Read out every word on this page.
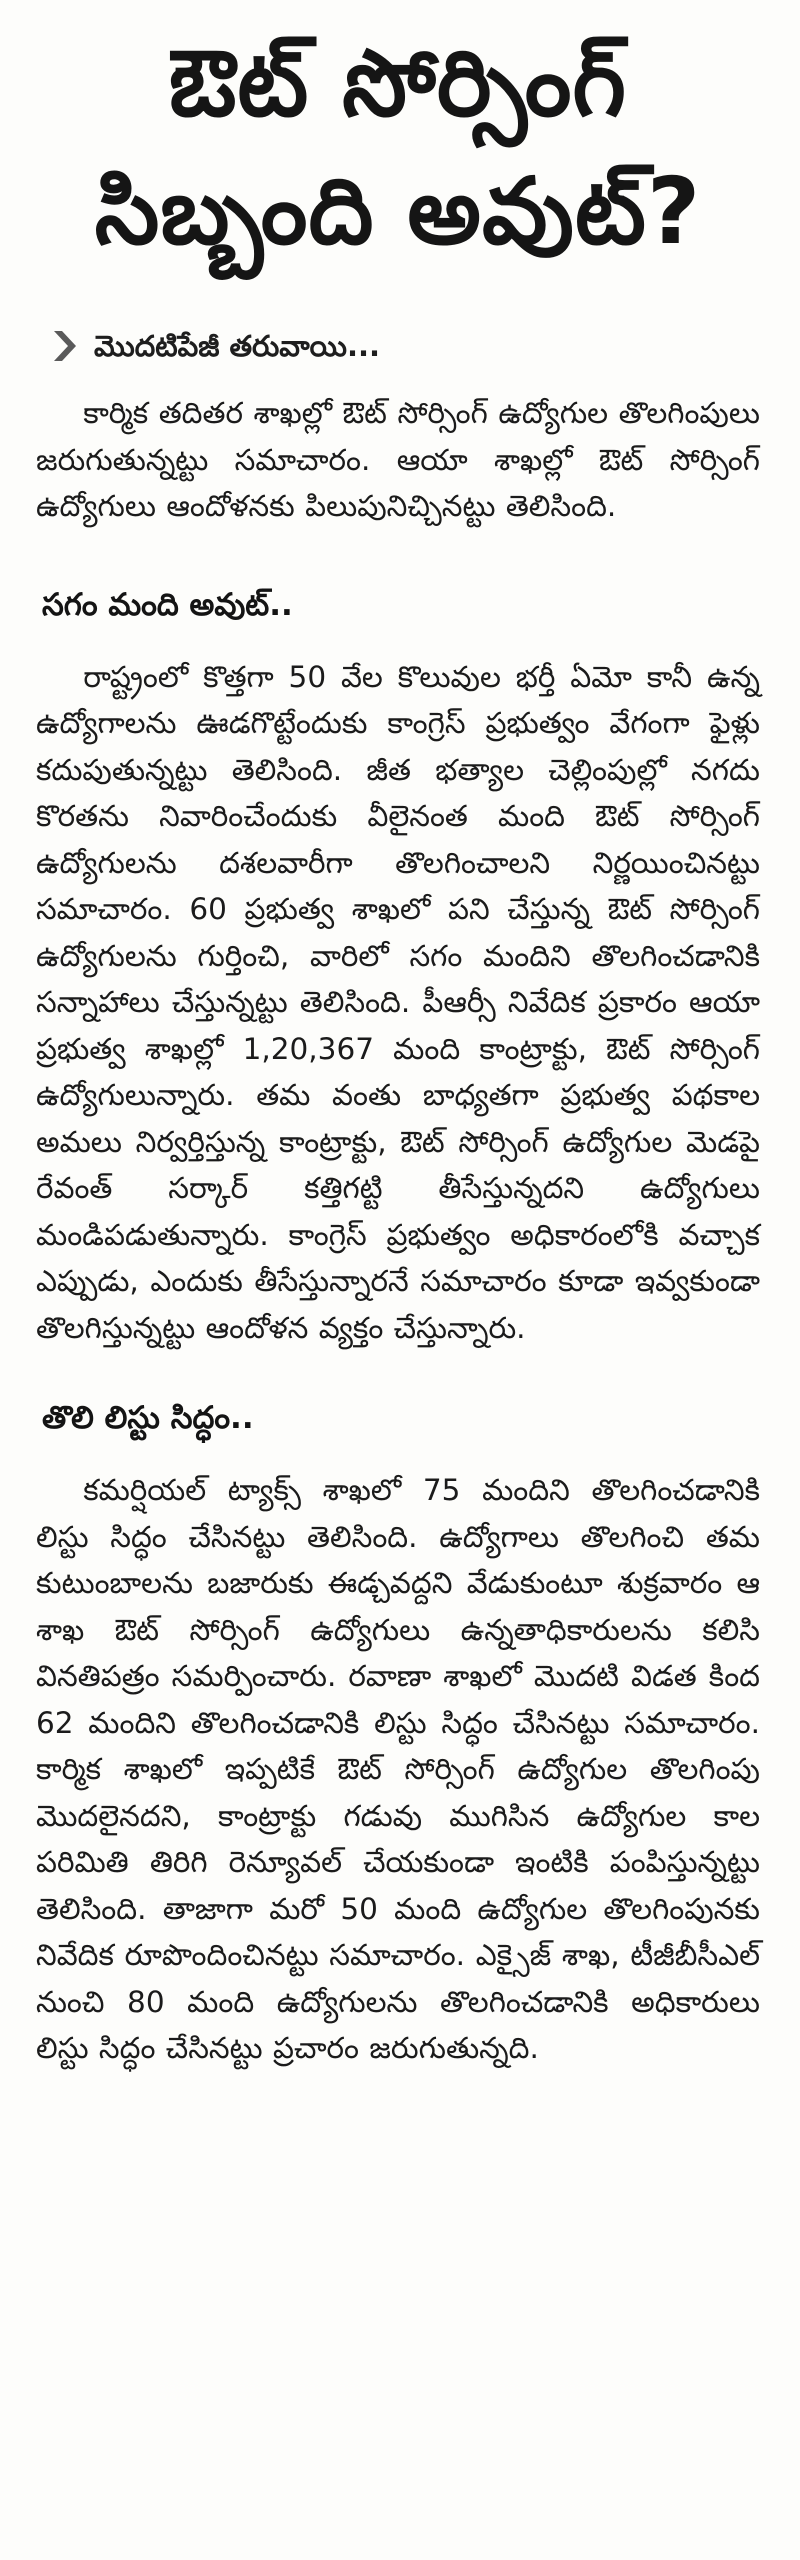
ఔట్ సోర్సింగ్
సిబ్బంది అవుట్?
మొదటిపేజీ తరువాయి...

కార్మిక తదితర శాఖల్లో ఔట్ సోర్సింగ్ ఉద్యోగుల తొలగింపులు జరుగుతున్నట్టు సమాచారం. ఆయా శాఖల్లో ఔట్ సోర్సింగ్ ఉద్యోగులు ఆందోళనకు పిలుపునిచ్చినట్టు తెలిసింది.

సగం మంది అవుట్..

రాష్ట్రంలో కొత్తగా 50 వేల కొలువుల భర్తీ ఏమో కానీ ఉన్న ఉద్యోగాలను ఊడగొట్టేందుకు కాంగ్రెస్ ప్రభుత్వం వేగంగా ఫైళ్లు కదుపుతున్నట్టు తెలిసింది. జీత భత్యాల చెల్లింపుల్లో నగదు కొరతను నివారించేందుకు వీలైనంత మంది ఔట్ సోర్సింగ్ ఉద్యోగులను దశలవారీగా తొలగించాలని నిర్ణయించినట్టు సమాచారం. 60 ప్రభుత్వ శాఖలో పని చేస్తున్న ఔట్ సోర్సింగ్ ఉద్యోగులను గుర్తించి, వారిలో సగం మందిని తొలగించడానికి సన్నాహాలు చేస్తున్నట్టు తెలిసింది. పీఆర్సీ నివేదిక ప్రకారం ఆయా ప్రభుత్వ శాఖల్లో 1,20,367 మంది కాంట్రాక్టు, ఔట్ సోర్సింగ్ ఉద్యోగులున్నారు. తమ వంతు బాధ్యతగా ప్రభుత్వ పథకాల అమలు నిర్వర్తిస్తున్న కాంట్రాక్టు, ఔట్ సోర్సింగ్ ఉద్యోగుల మెడపై రేవంత్ సర్కార్ కత్తిగట్టి తీసేస్తున్నదని ఉద్యోగులు మండిపడుతున్నారు. కాంగ్రెస్ ప్రభుత్వం అధికారంలోకి వచ్చాక ఎప్పుడు, ఎందుకు తీసేస్తున్నారనే సమాచారం కూడా ఇవ్వకుండా తొలగిస్తున్నట్టు ఆందోళన వ్యక్తం చేస్తున్నారు.

తొలి లిస్టు సిద్ధం..

కమర్షియల్ ట్యాక్స్ శాఖలో 75 మందిని తొలగించడానికి లిస్టు సిద్ధం చేసినట్టు తెలిసింది. ఉద్యోగాలు తొలగించి తమ కుటుంబాలను బజారుకు ఈడ్చవద్దని వేడుకుంటూ శుక్రవారం ఆ శాఖ ఔట్ సోర్సింగ్ ఉద్యోగులు ఉన్నతాధికారులను కలిసి వినతిపత్రం సమర్పించారు. రవాణా శాఖలో మొదటి విడత కింద 62 మందిని తొలగించడానికి లిస్టు సిద్ధం చేసినట్టు సమాచారం. కార్మిక శాఖలో ఇప్పటికే ఔట్ సోర్సింగ్ ఉద్యోగుల తొలగింపు మొదలైనదని, కాంట్రాక్టు గడువు ముగిసిన ఉద్యోగుల కాల పరిమితి తిరిగి రెన్యూవల్ చేయకుండా ఇంటికి పంపిస్తున్నట్టు తెలిసింది. తాజాగా మరో 50 మంది ఉద్యోగుల తొలగింపునకు నివేదిక రూపొందించినట్టు సమాచారం. ఎక్సైజ్ శాఖ, టీజీబీసీఎల్ నుంచి 80 మంది ఉద్యోగులను తొలగించడానికి అధికారులు లిస్టు సిద్ధం చేసినట్టు ప్రచారం జరుగుతున్నది.
